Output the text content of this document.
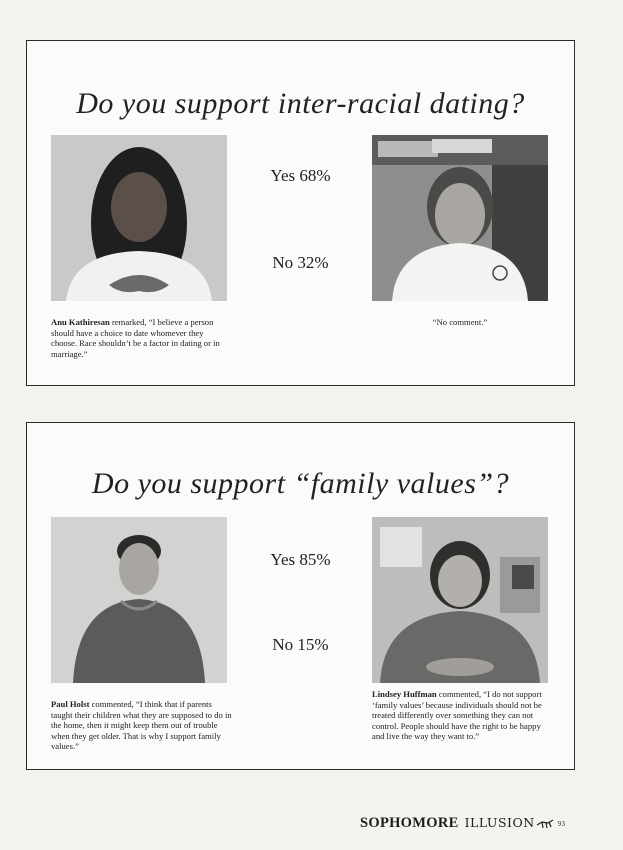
Do you support inter-racial dating?
Yes 68%
No 32%
Anu Kathiresan remarked, “I believe a person should have a choice to date whomever they choose. Race shouldn’t be a factor in dating or in marriage.”
“No comment.”
Do you support “family values”?
Yes 85%
No 15%
Paul Holst commented, “I think that if parents taught their children what they are supposed to do in the home, then it might keep them out of trouble when they get older. That is why I support family values.”
Lindsey Huffman commented, “I do not support ‘family values’ because individuals should not be treated differently over something they can not control. People should have the right to be happy and live the way they want to.”
SOPHOMORE ILLUSION	93
